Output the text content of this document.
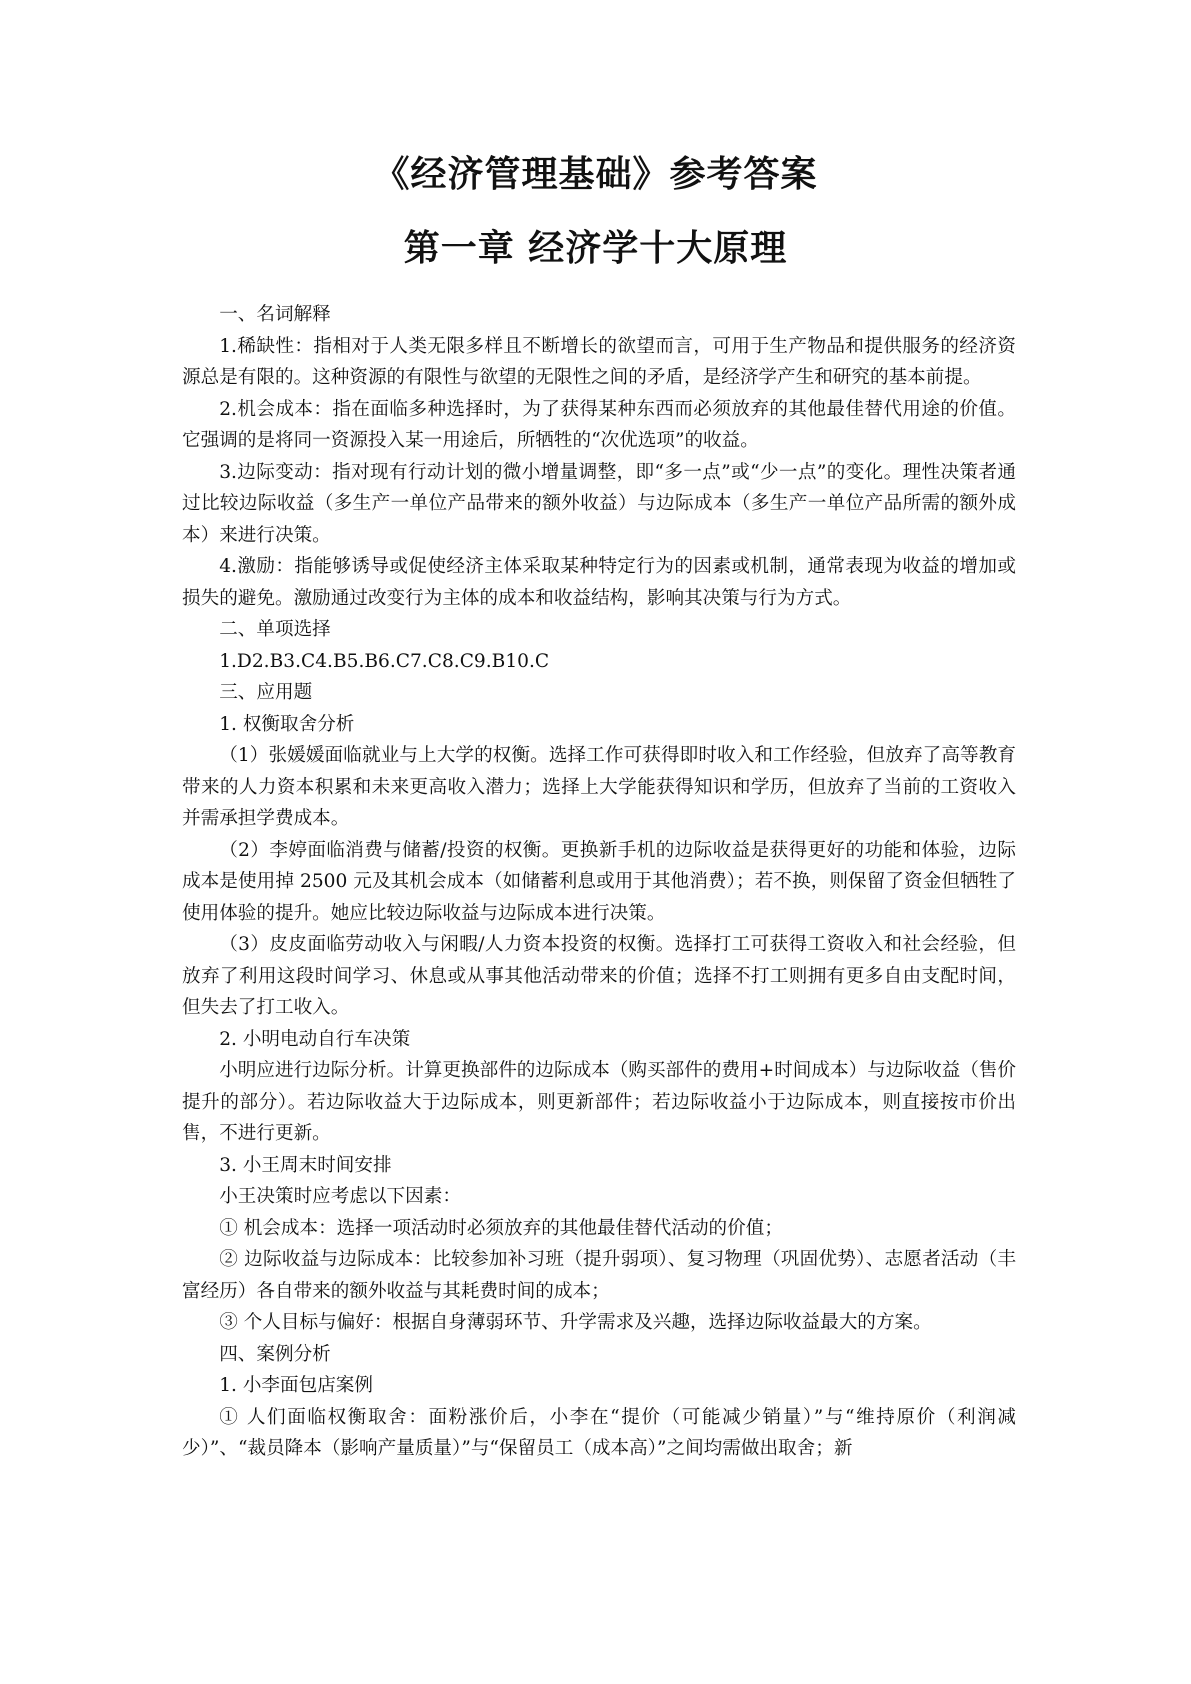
《经济管理基础》参考答案
第一章 经济学十大原理

一、名词解释

1.稀缺性：指相对于人类无限多样且不断增长的欲望而言，可用于生产物品和提供服务的经济资源总是有限的。这种资源的有限性与欲望的无限性之间的矛盾，是经济学产生和研究的基本前提。

2.机会成本：指在面临多种选择时，为了获得某种东西而必须放弃的其他最佳替代用途的价值。它强调的是将同一资源投入某一用途后，所牺牲的“次优选项”的收益。

3.边际变动：指对现有行动计划的微小增量调整，即“多一点”或“少一点”的变化。理性决策者通过比较边际收益（多生产一单位产品带来的额外收益）与边际成本（多生产一单位产品所需的额外成本）来进行决策。

4.激励：指能够诱导或促使经济主体采取某种特定行为的因素或机制，通常表现为收益的增加或损失的避免。激励通过改变行为主体的成本和收益结构，影响其决策与行为方式。

二、单项选择

1.D2.B3.C4.B5.B6.C7.C8.C9.B10.C

三、应用题

1. 权衡取舍分析

（1）张媛媛面临就业与上大学的权衡。选择工作可获得即时收入和工作经验，但放弃了高等教育带来的人力资本积累和未来更高收入潜力；选择上大学能获得知识和学历，但放弃了当前的工资收入并需承担学费成本。

（2）李婷面临消费与储蓄/投资的权衡。更换新手机的边际收益是获得更好的功能和体验，边际成本是使用掉 2500 元及其机会成本（如储蓄利息或用于其他消费）；若不换，则保留了资金但牺牲了使用体验的提升。她应比较边际收益与边际成本进行决策。

（3）皮皮面临劳动收入与闲暇/人力资本投资的权衡。选择打工可获得工资收入和社会经验，但放弃了利用这段时间学习、休息或从事其他活动带来的价值；选择不打工则拥有更多自由支配时间，但失去了打工收入。

2. 小明电动自行车决策

小明应进行边际分析。计算更换部件的边际成本（购买部件的费用+时间成本）与边际收益（售价提升的部分）。若边际收益大于边际成本，则更新部件；若边际收益小于边际成本，则直接按市价出售，不进行更新。

3. 小王周末时间安排

小王决策时应考虑以下因素：

① 机会成本：选择一项活动时必须放弃的其他最佳替代活动的价值；

② 边际收益与边际成本：比较参加补习班（提升弱项）、复习物理（巩固优势）、志愿者活动（丰富经历）各自带来的额外收益与其耗费时间的成本；

③ 个人目标与偏好：根据自身薄弱环节、升学需求及兴趣，选择边际收益最大的方案。

四、案例分析

1. 小李面包店案例

① 人们面临权衡取舍：面粉涨价后，小李在“提价（可能减少销量）”与“维持原价（利润减少）”、“裁员降本（影响产量质量）”与“保留员工（成本高）”之间均需做出取舍；新
